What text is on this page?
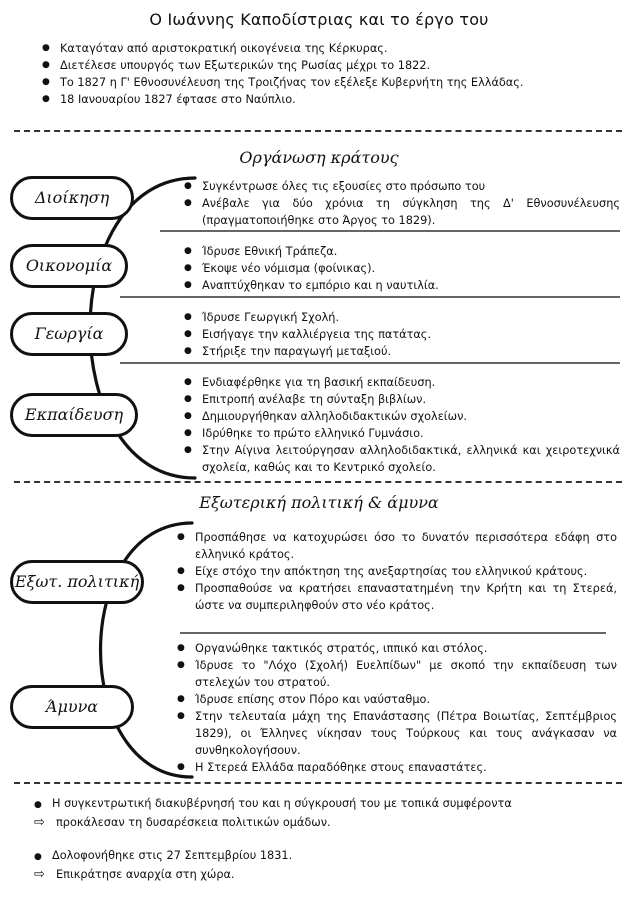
Ο Ιωάννης Καποδίστριας και το έργο του
● Καταγόταν από αριστοκρατική οικογένεια της Κέρκυρας.
● Διετέλεσε υπουργός των Εξωτερικών της Ρωσίας μέχρι το 1822.
● Το 1827 η Γ' Εθνοσυνέλευση της Τροιζήνας τον εξέλεξε Κυβερνήτη της Ελλάδας.
● 18 Ιανουαρίου 1827 έφτασε στο Ναύπλιο.
Οργάνωση κράτους
Διοίκηση
Οικονομία
Γεωργία
Εκπαίδευση
● Συγκέντρωσε όλες τις εξουσίες στο πρόσωπο του
● Ανέβαλε για δύο χρόνια τη σύγκληση της Δ' Εθνοσυνέλευσης (πραγματοποιήθηκε στο Άργος το 1829).
● Ίδρυσε Εθνική Τράπεζα.
● Έκοψε νέο νόμισμα (φοίνικας).
● Αναπτύχθηκαν το εμπόριο και η ναυτιλία.
● Ίδρυσε Γεωργική Σχολή.
● Εισήγαγε την καλλιέργεια της πατάτας.
● Στήριξε την παραγωγή μεταξιού.
● Ενδιαφέρθηκε για τη βασική εκπαίδευση.
● Επιτροπή ανέλαβε τη σύνταξη βιβλίων.
● Δημιουργήθηκαν αλληλοδιδακτικών σχολείων.
● Ιδρύθηκε το πρώτο ελληνικό Γυμνάσιο.
● Στην Αίγινα λειτούργησαν αλληλοδιδακτικά, ελληνικά και χειροτεχνικά σχολεία, καθώς και το Κεντρικό σχολείο.
Εξωτερική πολιτική & άμυνα
Εξωτ. πολιτική
Άμυνα
● Προσπάθησε να κατοχυρώσει όσο το δυνατόν περισσότερα εδάφη στο ελληνικό κράτος.
● Είχε στόχο την απόκτηση της ανεξαρτησίας του ελληνικού κράτους.
● Προσπαθούσε να κρατήσει επαναστατημένη την Κρήτη και τη Στερεά, ώστε να συμπεριληφθούν στο νέο κράτος.
● Οργανώθηκε τακτικός στρατός, ιππικό και στόλος.
● Ίδρυσε το "Λόχο (Σχολή) Ευελπίδων" με σκοπό την εκπαίδευση των στελεχών του στρατού.
● Ίδρυσε επίσης στον Πόρο και ναύσταθμο.
● Στην τελευταία μάχη της Επανάστασης (Πέτρα Βοιωτίας, Σεπτέμβριος 1829), οι Έλληνες νίκησαν τους Τούρκους και τους ανάγκασαν να συνθηκολογήσουν.
● Η Στερεά Ελλάδα παραδόθηκε στους επαναστάτες.
● Η συγκεντρωτική διακυβέρνησή του και η σύγκρουσή του με τοπικά συμφέροντα
⇨ προκάλεσαν τη δυσαρέσκεια πολιτικών ομάδων.
● Δολοφονήθηκε στις 27 Σεπτεμβρίου 1831.
⇨ Επικράτησε αναρχία στη χώρα.
